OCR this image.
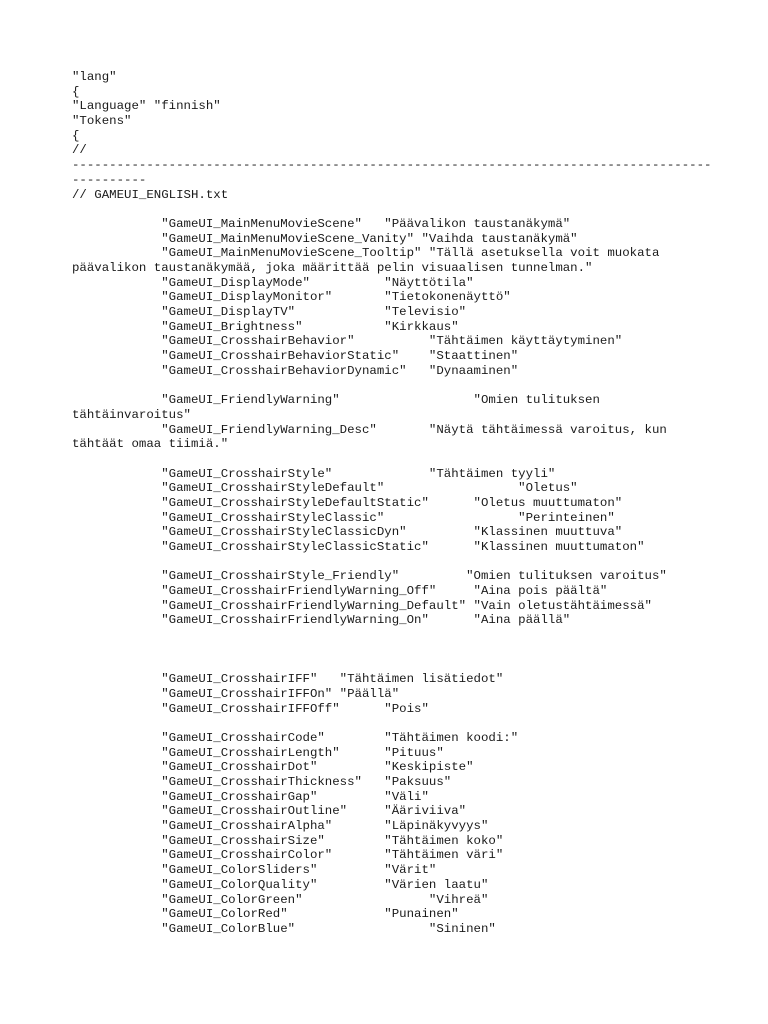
"lang"
{
"Language" "finnish"
"Tokens"
{
//
--------------------------------------------------------------------------------------
----------
// GAMEUI_ENGLISH.txt
"GameUI_MainMenuMovieScene"   "Päävalikon taustanäkymä"
"GameUI_MainMenuMovieScene_Vanity" "Vaihda taustanäkymä"
"GameUI_MainMenuMovieScene_Tooltip" "Tällä asetuksella voit muokata
päävalikon taustanäkymää, joka määrittää pelin visuaalisen tunnelman."
"GameUI_DisplayMode"          "Näyttötila"
"GameUI_DisplayMonitor"       "Tietokonenäyttö"
"GameUI_DisplayTV"            "Televisio"
"GameUI_Brightness"           "Kirkkaus"
"GameUI_CrosshairBehavior"          "Tähtäimen käyttäytyminen"
"GameUI_CrosshairBehaviorStatic"    "Staattinen"
"GameUI_CrosshairBehaviorDynamic"   "Dynaaminen"
"GameUI_FriendlyWarning"                  "Omien tulituksen
tähtäinvaroitus"
"GameUI_FriendlyWarning_Desc"       "Näytä tähtäimessä varoitus, kun
tähtäät omaa tiimiä."
"GameUI_CrosshairStyle"             "Tähtäimen tyyli"
"GameUI_CrosshairStyleDefault"                  "Oletus"
"GameUI_CrosshairStyleDefaultStatic"      "Oletus muuttumaton"
"GameUI_CrosshairStyleClassic"                  "Perinteinen"
"GameUI_CrosshairStyleClassicDyn"         "Klassinen muuttuva"
"GameUI_CrosshairStyleClassicStatic"      "Klassinen muuttumaton"
"GameUI_CrosshairStyle_Friendly"         "Omien tulituksen varoitus"
"GameUI_CrosshairFriendlyWarning_Off"     "Aina pois päältä"
"GameUI_CrosshairFriendlyWarning_Default" "Vain oletustähtäimessä"
"GameUI_CrosshairFriendlyWarning_On"      "Aina päällä"
"GameUI_CrosshairIFF"   "Tähtäimen lisätiedot"
"GameUI_CrosshairIFFOn" "Päällä"
"GameUI_CrosshairIFFOff"      "Pois"
"GameUI_CrosshairCode"        "Tähtäimen koodi:"
"GameUI_CrosshairLength"      "Pituus"
"GameUI_CrosshairDot"         "Keskipiste"
"GameUI_CrosshairThickness"   "Paksuus"
"GameUI_CrosshairGap"         "Väli"
"GameUI_CrosshairOutline"     "Ääriviiva"
"GameUI_CrosshairAlpha"       "Läpinäkyvyys"
"GameUI_CrosshairSize"        "Tähtäimen koko"
"GameUI_CrosshairColor"       "Tähtäimen väri"
"GameUI_ColorSliders"         "Värit"
"GameUI_ColorQuality"         "Värien laatu"
"GameUI_ColorGreen"                 "Vihreä"
"GameUI_ColorRed"             "Punainen"
"GameUI_ColorBlue"                  "Sininen"
